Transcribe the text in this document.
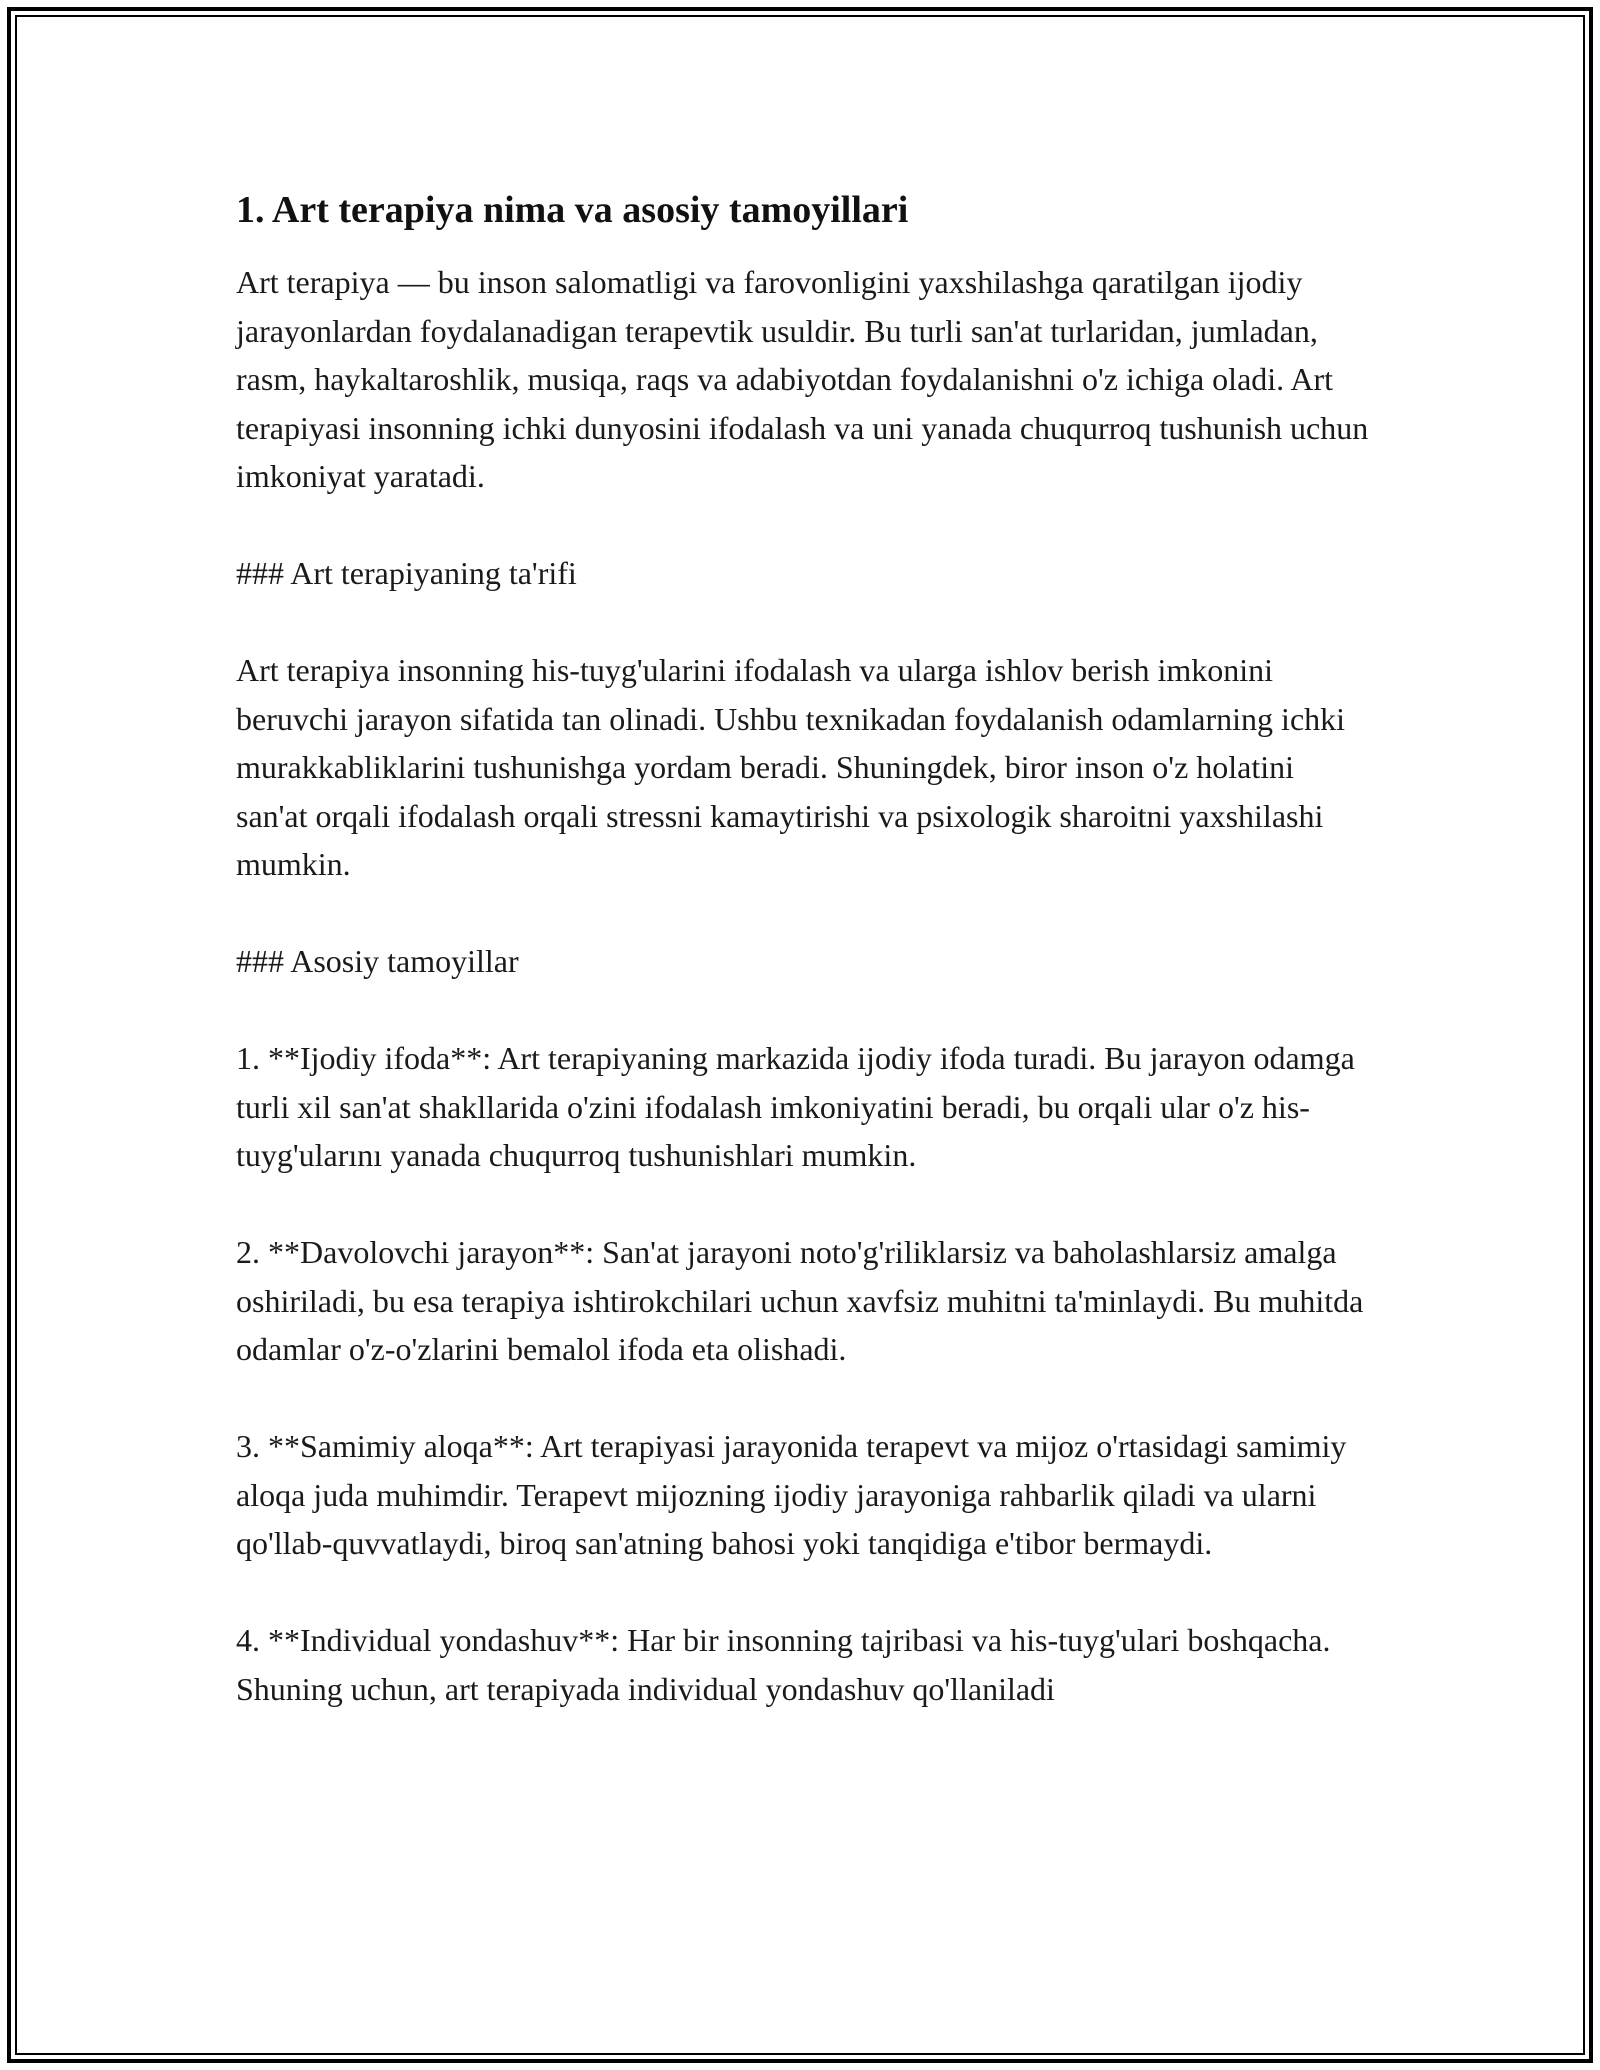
1. Art terapiya nima va asosiy tamoyillari

Art terapiya — bu inson salomatligi va farovonligini yaxshilashga qaratilgan ijodiy jarayonlardan foydalanadigan terapevtik usuldir. Bu turli san'at turlaridan, jumladan, rasm, haykaltaroshlik, musiqa, raqs va adabiyotdan foydalanishni o'z ichiga oladi. Art terapiyasi insonning ichki dunyosini ifodalash va uni yanada chuqurroq tushunish uchun imkoniyat yaratadi.

### Art terapiyaning ta'rifi

Art terapiya insonning his-tuyg'ularini ifodalash va ularga ishlov berish imkonini beruvchi jarayon sifatida tan olinadi. Ushbu texnikadan foydalanish odamlarning ichki murakkabliklarini tushunishga yordam beradi. Shuningdek, biror inson o'z holatini san'at orqali ifodalash orqali stressni kamaytirishi va psixologik sharoitni yaxshilashi mumkin.

### Asosiy tamoyillar

1. **Ijodiy ifoda**: Art terapiyaning markazida ijodiy ifoda turadi. Bu jarayon odamga turli xil san'at shakllarida o'zini ifodalash imkoniyatini beradi, bu orqali ular o'z his-tuyg'ularını yanada chuqurroq tushunishlari mumkin.

2. **Davolovchi jarayon**: San'at jarayoni noto'g'riliklarsiz va baholashlarsiz amalga oshiriladi, bu esa terapiya ishtirokchilari uchun xavfsiz muhitni ta'minlaydi. Bu muhitda odamlar o'z-o'zlarini bemalol ifoda eta olishadi.

3. **Samimiy aloqa**: Art terapiyasi jarayonida terapevt va mijoz o'rtasidagi samimiy aloqa juda muhimdir. Terapevt mijozning ijodiy jarayoniga rahbarlik qiladi va ularni qo'llab-quvvatlaydi, biroq san'atning bahosi yoki tanqidiga e'tibor bermaydi.

4. **Individual yondashuv**: Har bir insonning tajribasi va his-tuyg'ulari boshqacha. Shuning uchun, art terapiyada individual yondashuv qo'llaniladi
